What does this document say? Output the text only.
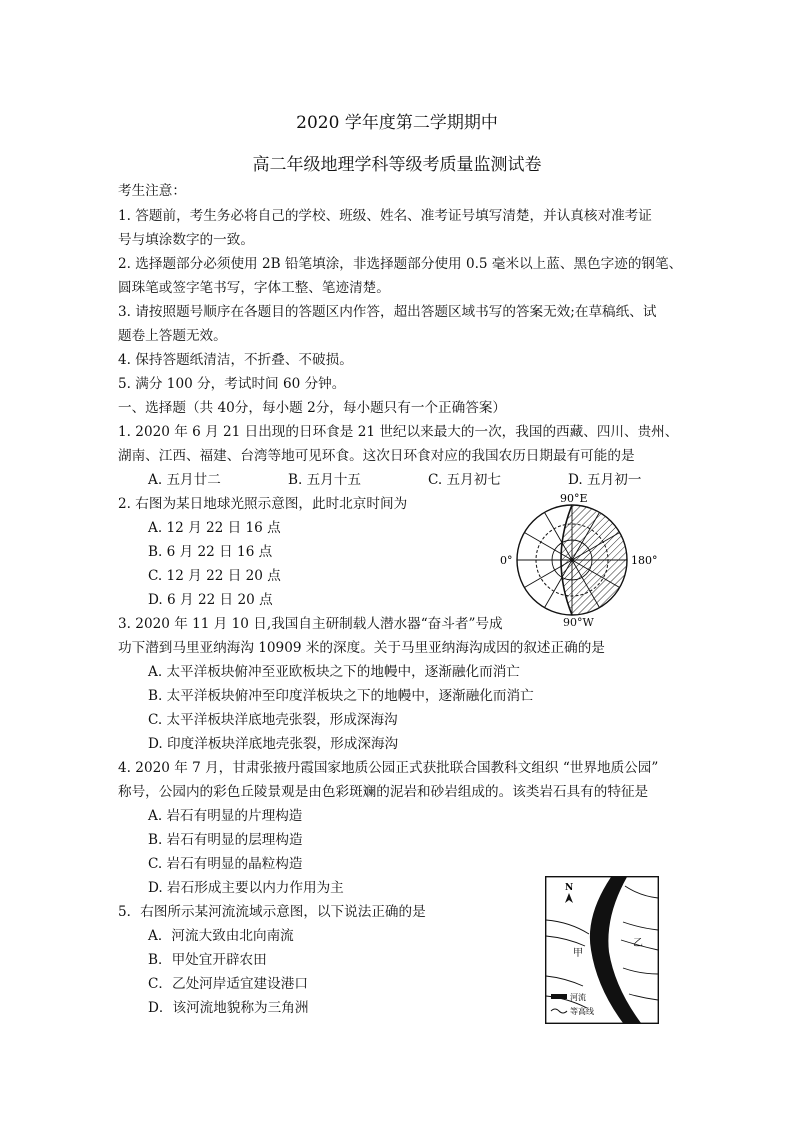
2020 学年度第二学期期中
高二年级地理学科等级考质量监测试卷
考生注意：
1. 答题前，考生务必将自己的学校、班级、姓名、准考证号填写清楚，并认真核对准考证
号与填涂数字的一致。
2. 选择题部分必须使用 2B 铅笔填涂，非选择题部分使用 0.5 毫米以上蓝、黑色字迹的钢笔、
圆珠笔或签字笔书写，字体工整、笔迹清楚。
3. 请按照题号顺序在各题目的答题区内作答，超出答题区域书写的答案无效;在草稿纸、试
题卷上答题无效。
4. 保持答题纸清洁，不折叠、不破损。
5. 满分 100 分，考试时间 60 分钟。
一、选择题（共 40分，每小题 2分，每小题只有一个正确答案）
1. 2020 年 6 月 21 日出现的日环食是 21 世纪以来最大的一次，我国的西藏、四川、贵州、
湖南、江西、福建、台湾等地可见环食。这次日环食对应的我国农历日期最有可能的是
A. 五月廿二	B. 五月十五	C. 五月初七	D. 五月初一
2. 右图为某日地球光照示意图，此时北京时间为
A. 12 月 22 日 16 点
B. 6 月 22 日 16 点
C. 12 月 22 日 20 点
D. 6 月 22 日 20 点
90°E
0°	180°
3. 2020 年 11 月 10 日,我国自主研制载人潜水器“奋斗者”号成
功下潜到马里亚纳海沟 10909 米的深度。关于马里亚纳海沟成因的叙述正确的是
A. 太平洋板块俯冲至亚欧板块之下的地幔中，逐渐融化而消亡
B. 太平洋板块俯冲至印度洋板块之下的地幔中，逐渐融化而消亡
C. 太平洋板块洋底地壳张裂，形成深海沟
D. 印度洋板块洋底地壳张裂，形成深海沟
90°W
4. 2020 年 7 月，甘肃张掖丹霞国家地质公园正式获批联合国教科文组织 “世界地质公园”
称号，公园内的彩色丘陵景观是由色彩斑斓的泥岩和砂岩组成的。该类岩石具有的特征是
A. 岩石有明显的片理构造
B. 岩石有明显的层理构造
C. 岩石有明显的晶粒构造
D. 岩石形成主要以内力作用为主
5．右图所示某河流流域示意图，以下说法正确的是
A．河流大致由北向南流
B．甲处宜开辟农田
C．乙处河岸适宜建设港口
D．该河流地貌称为三角洲
N
甲
乙
河流
等高线
